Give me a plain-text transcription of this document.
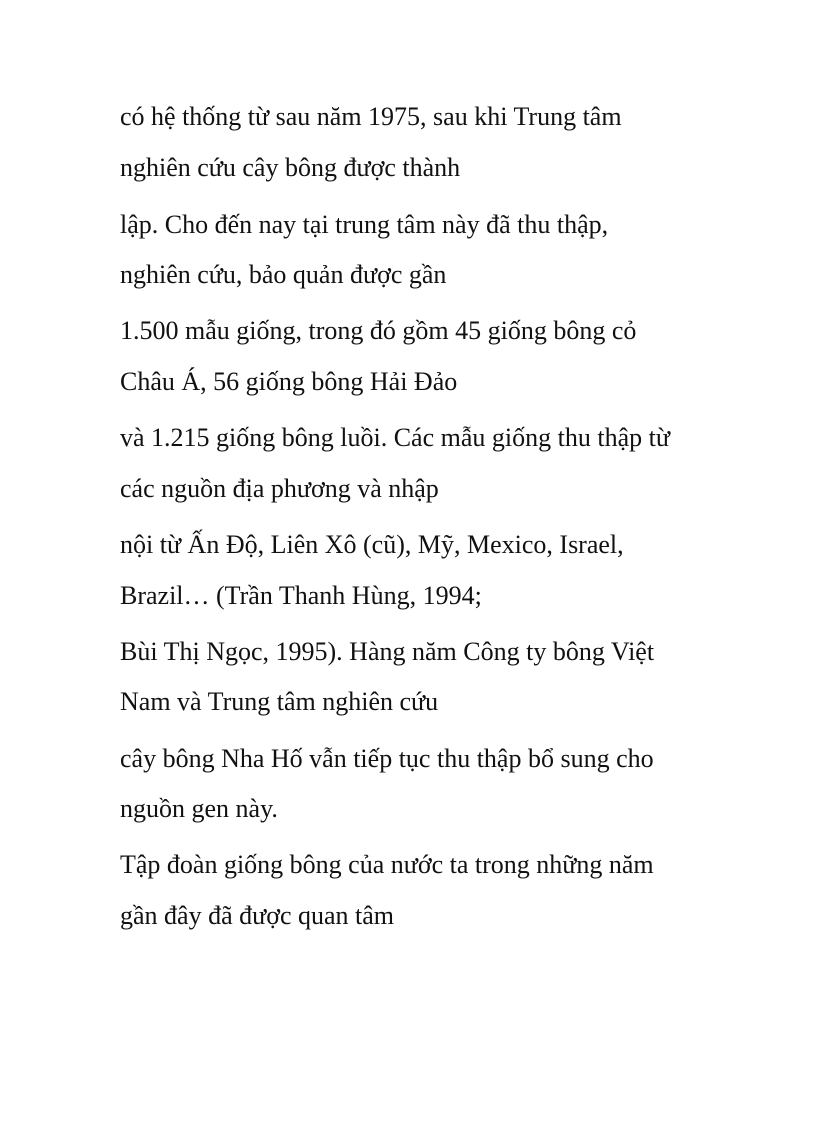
có hệ thống từ sau năm 1975, sau khi Trung tâm

nghiên cứu cây bông được thành

lập. Cho đến nay tại trung tâm này đã thu thập,

nghiên cứu, bảo quản được gần

1.500 mẫu giống, trong đó gồm 45 giống bông cỏ

Châu Á, 56 giống bông Hải Đảo

và 1.215 giống bông luồi. Các mẫu giống thu thập từ

các nguồn địa phương và nhập

nội từ Ấn Độ, Liên Xô (cũ), Mỹ, Mexico, Israel,

Brazil… (Trần Thanh Hùng, 1994;

Bùi Thị Ngọc, 1995). Hàng năm Công ty bông Việt

Nam và Trung tâm nghiên cứu

cây bông Nha Hố vẫn tiếp tục thu thập bổ sung cho

nguồn gen này.

Tập đoàn giống bông của nước ta trong những năm

gần đây đã được quan tâm
